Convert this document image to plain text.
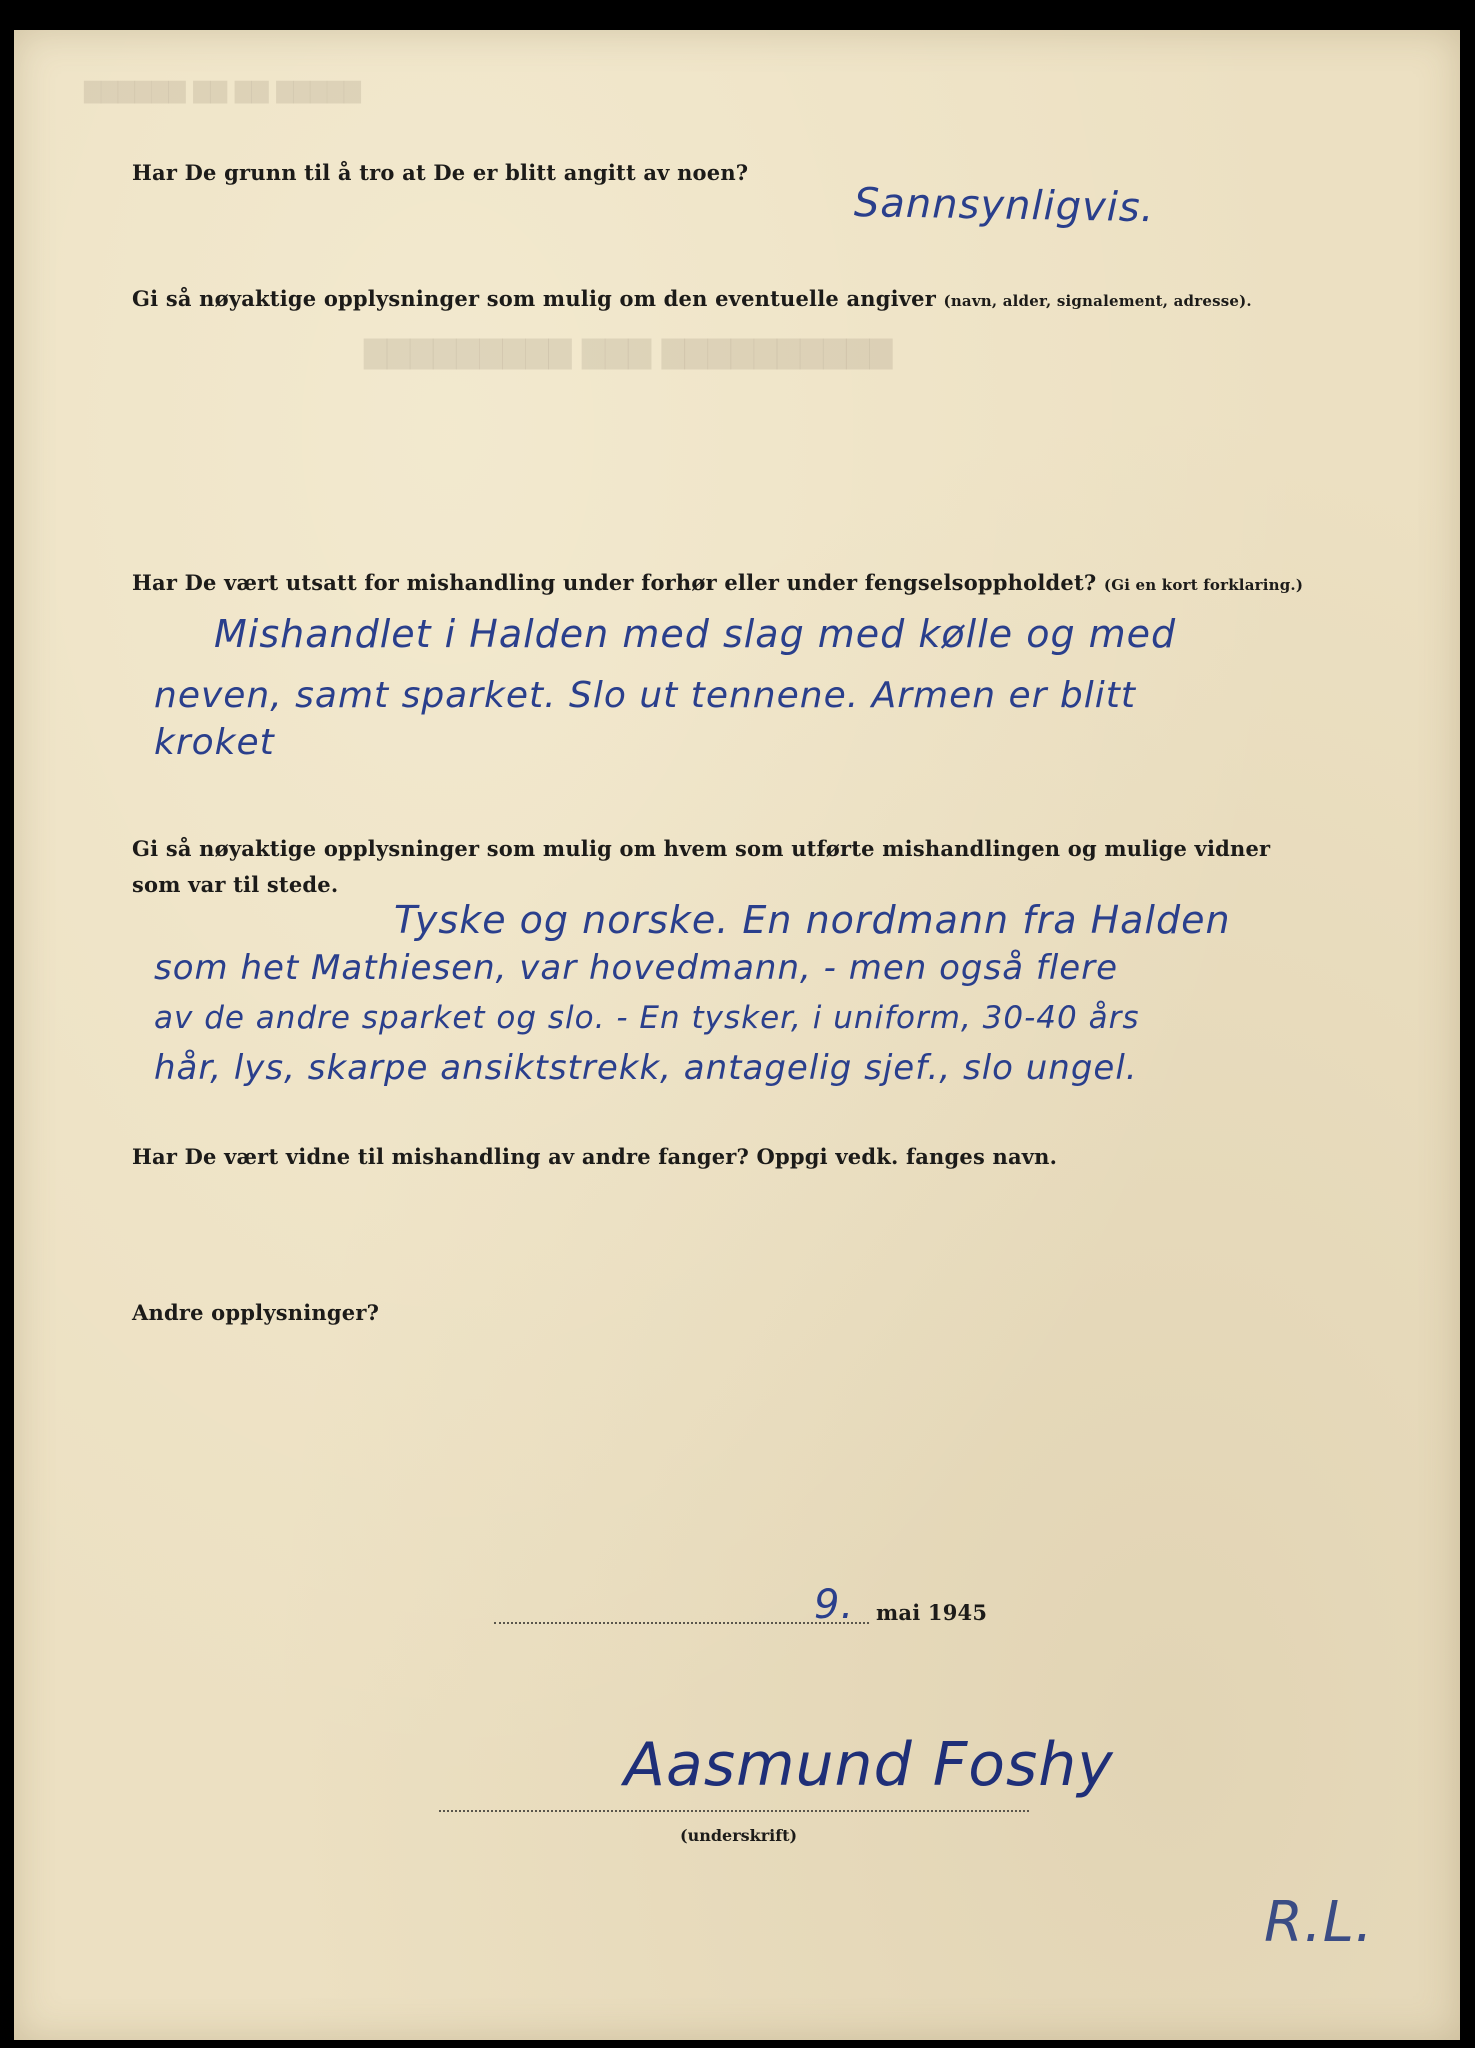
▇▇▇▇▇ ▇▇ ▇▇ ▇▇▇▇▇▇
▇▇▇▇▇▇▇▇▇▇ ▇▇▇ ▇▇▇▇▇▇▇▇▇
Har De grunn til å tro at De er blitt angitt av noen?
Sannsynligvis.
Gi så nøyaktige opplysninger som mulig om den eventuelle angiver (navn, alder, signalement, adresse).
Har De vært utsatt for mishandling under forhør eller under fengselsoppholdet? (Gi en kort forklaring.)
Mishandlet i Halden med slag med kølle og med
neven, samt sparket. Slo ut tennene. Armen er blitt
kroket
Gi så nøyaktige opplysninger som mulig om hvem som utførte mishandlingen og mulige vidner
som var til stede.
Tyske og norske. En nordmann fra Halden
som het Mathiesen, var hovedmann, - men også flere
av de andre sparket og slo. - En tysker, i uniform, 30-40 års
hår, lys, skarpe ansiktstrekk, antagelig sjef., slo ungel.
Har De vært vidne til mishandling av andre fanger? Oppgi vedk. fanges navn.
Andre opplysninger?
9. mai 1945
Aasmund Foshy
(underskrift)
R.L.
